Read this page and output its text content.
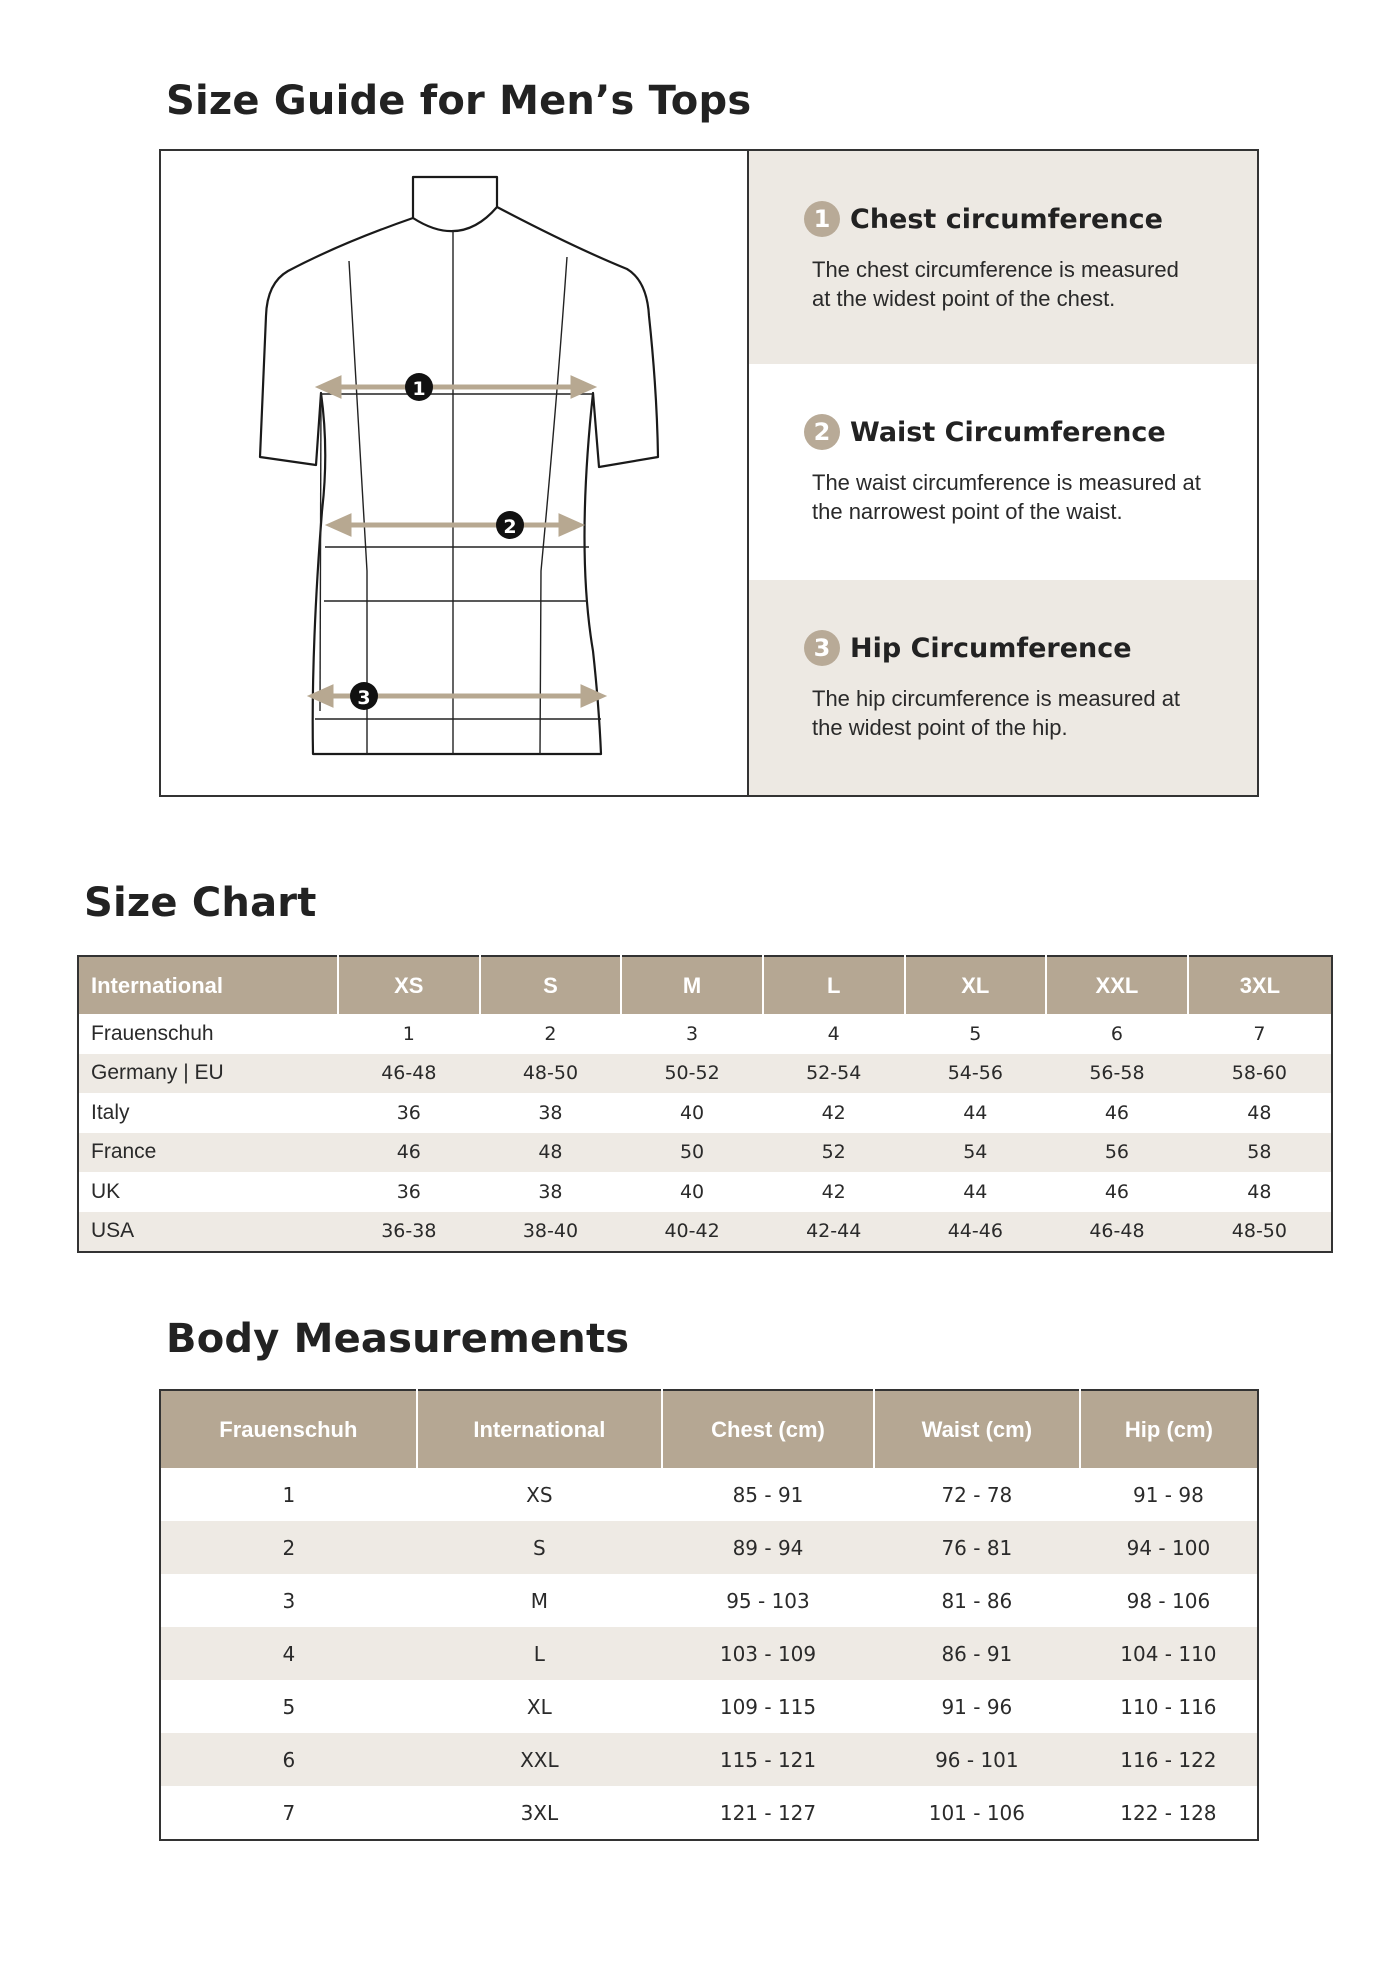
Size Guide for Men’s Tops
1
2
3
1 Chest circumference
The chest circumference is measured at the widest point of the chest.
2 Waist Circumference
The waist circumference is measured at the narrowest point of the waist.
3 Hip Circumference
The hip circumference is measured at the widest point of the hip.
Size Chart
International	XS	S	M	L	XL	XXL	3XL
Frauenschuh	1	2	3	4	5	6	7
Germany | EU	46-48	48-50	50-52	52-54	54-56	56-58	58-60
Italy	36	38	40	42	44	46	48
France	46	48	50	52	54	56	58
UK	36	38	40	42	44	46	48
USA	36-38	38-40	40-42	42-44	44-46	46-48	48-50
Body Measurements
Frauenschuh	International	Chest (cm)	Waist (cm)	Hip (cm)
1	XS	85 - 91	72 - 78	91 - 98
2	S	89 - 94	76 - 81	94 - 100
3	M	95 - 103	81 - 86	98 - 106
4	L	103 - 109	86 - 91	104 - 110
5	XL	109 - 115	91 - 96	110 - 116
6	XXL	115 - 121	96 - 101	116 - 122
7	3XL	121 - 127	101 - 106	122 - 128
